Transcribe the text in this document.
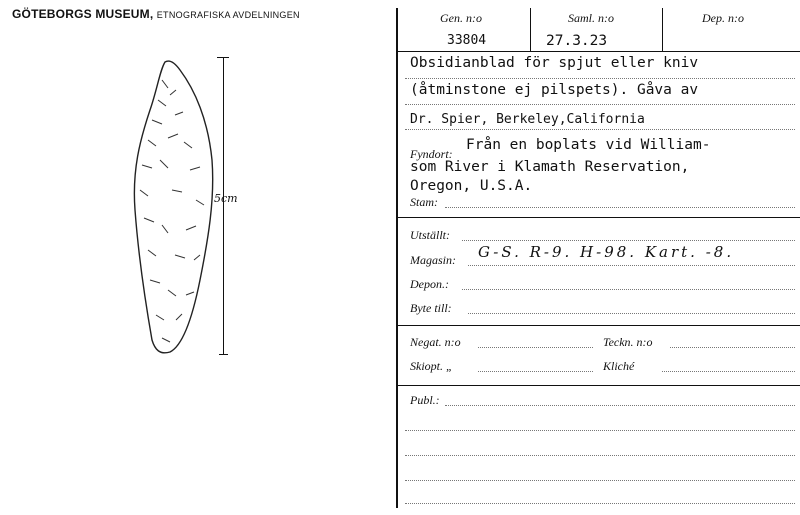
GÖTEBORGS MUSEUM, ETNOGRAFISKA AVDELNINGEN
5cm
Gen. n:o	Saml. n:o	Dep. n:o
33804	27.3.23
Obsidianblad för spjut eller kniv
(åtminstone ej pilspets). Gåva av
Dr. Spier, Berkeley,California
Fyndort:
Från en boplats vid William-
som River i Klamath Reservation,
Oregon, U.S.A.
Stam:
Utställt:
Magasin: G-S. R-9. H-98. Kart. -8.
Depon.:
Byte till:
Negat. n:o	Teckn. n:o
Skiopt. „	Kliché
Publ.:
